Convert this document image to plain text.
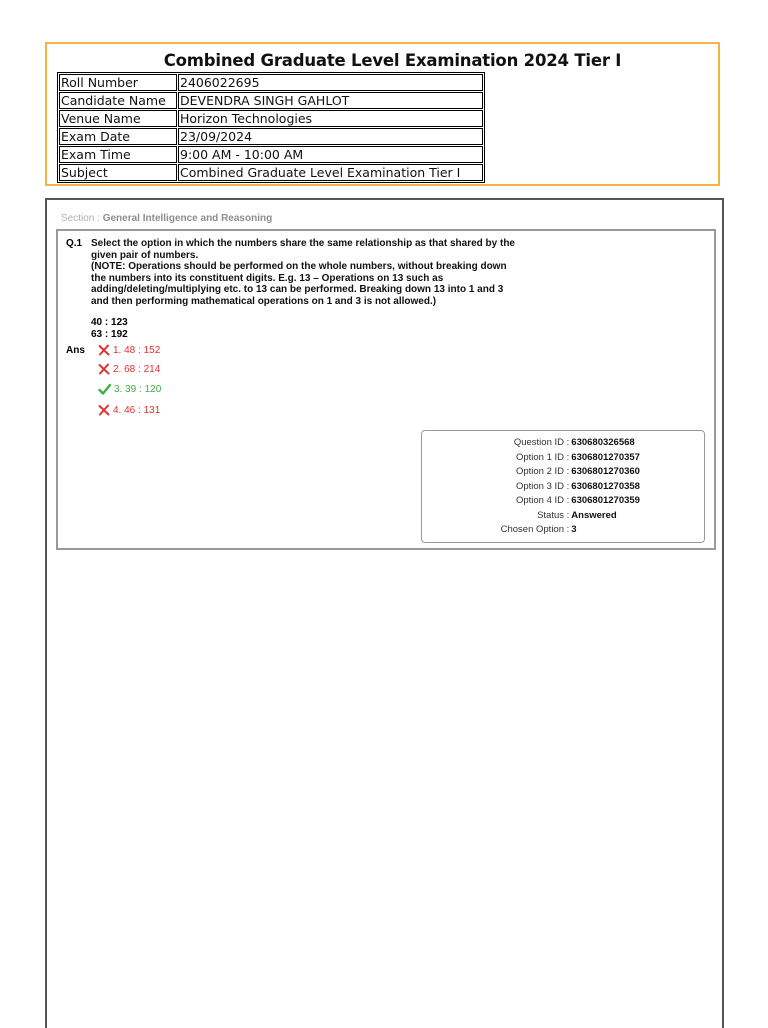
Combined Graduate Level Examination 2024 Tier I
Roll Number	2406022695
Candidate Name	DEVENDRA SINGH GAHLOT
Venue Name	Horizon Technologies
Exam Date	23/09/2024
Exam Time	9:00 AM - 10:00 AM
Subject	Combined Graduate Level Examination Tier I
Section : General Intelligence and Reasoning
Q.1 Select the option in which the numbers share the same relationship as that shared by the given pair of numbers.

(NOTE: Operations should be performed on the whole numbers, without breaking down the numbers into its constituent digits. E.g. 13 – Operations on 13 such as adding/deleting/multiplying etc. to 13 can be performed. Breaking down 13 into 1 and 3 and then performing mathematical operations on 1 and 3 is not allowed.)

40 : 123
63 : 192
Ans	1. 48 : 152
2. 68 : 214
3. 39 : 120
4. 46 : 131
Question ID : 630680326568
Option 1 ID : 6306801270357
Option 2 ID : 6306801270360
Option 3 ID : 6306801270358
Option 4 ID : 6306801270359
Status : Answered
Chosen Option : 3
